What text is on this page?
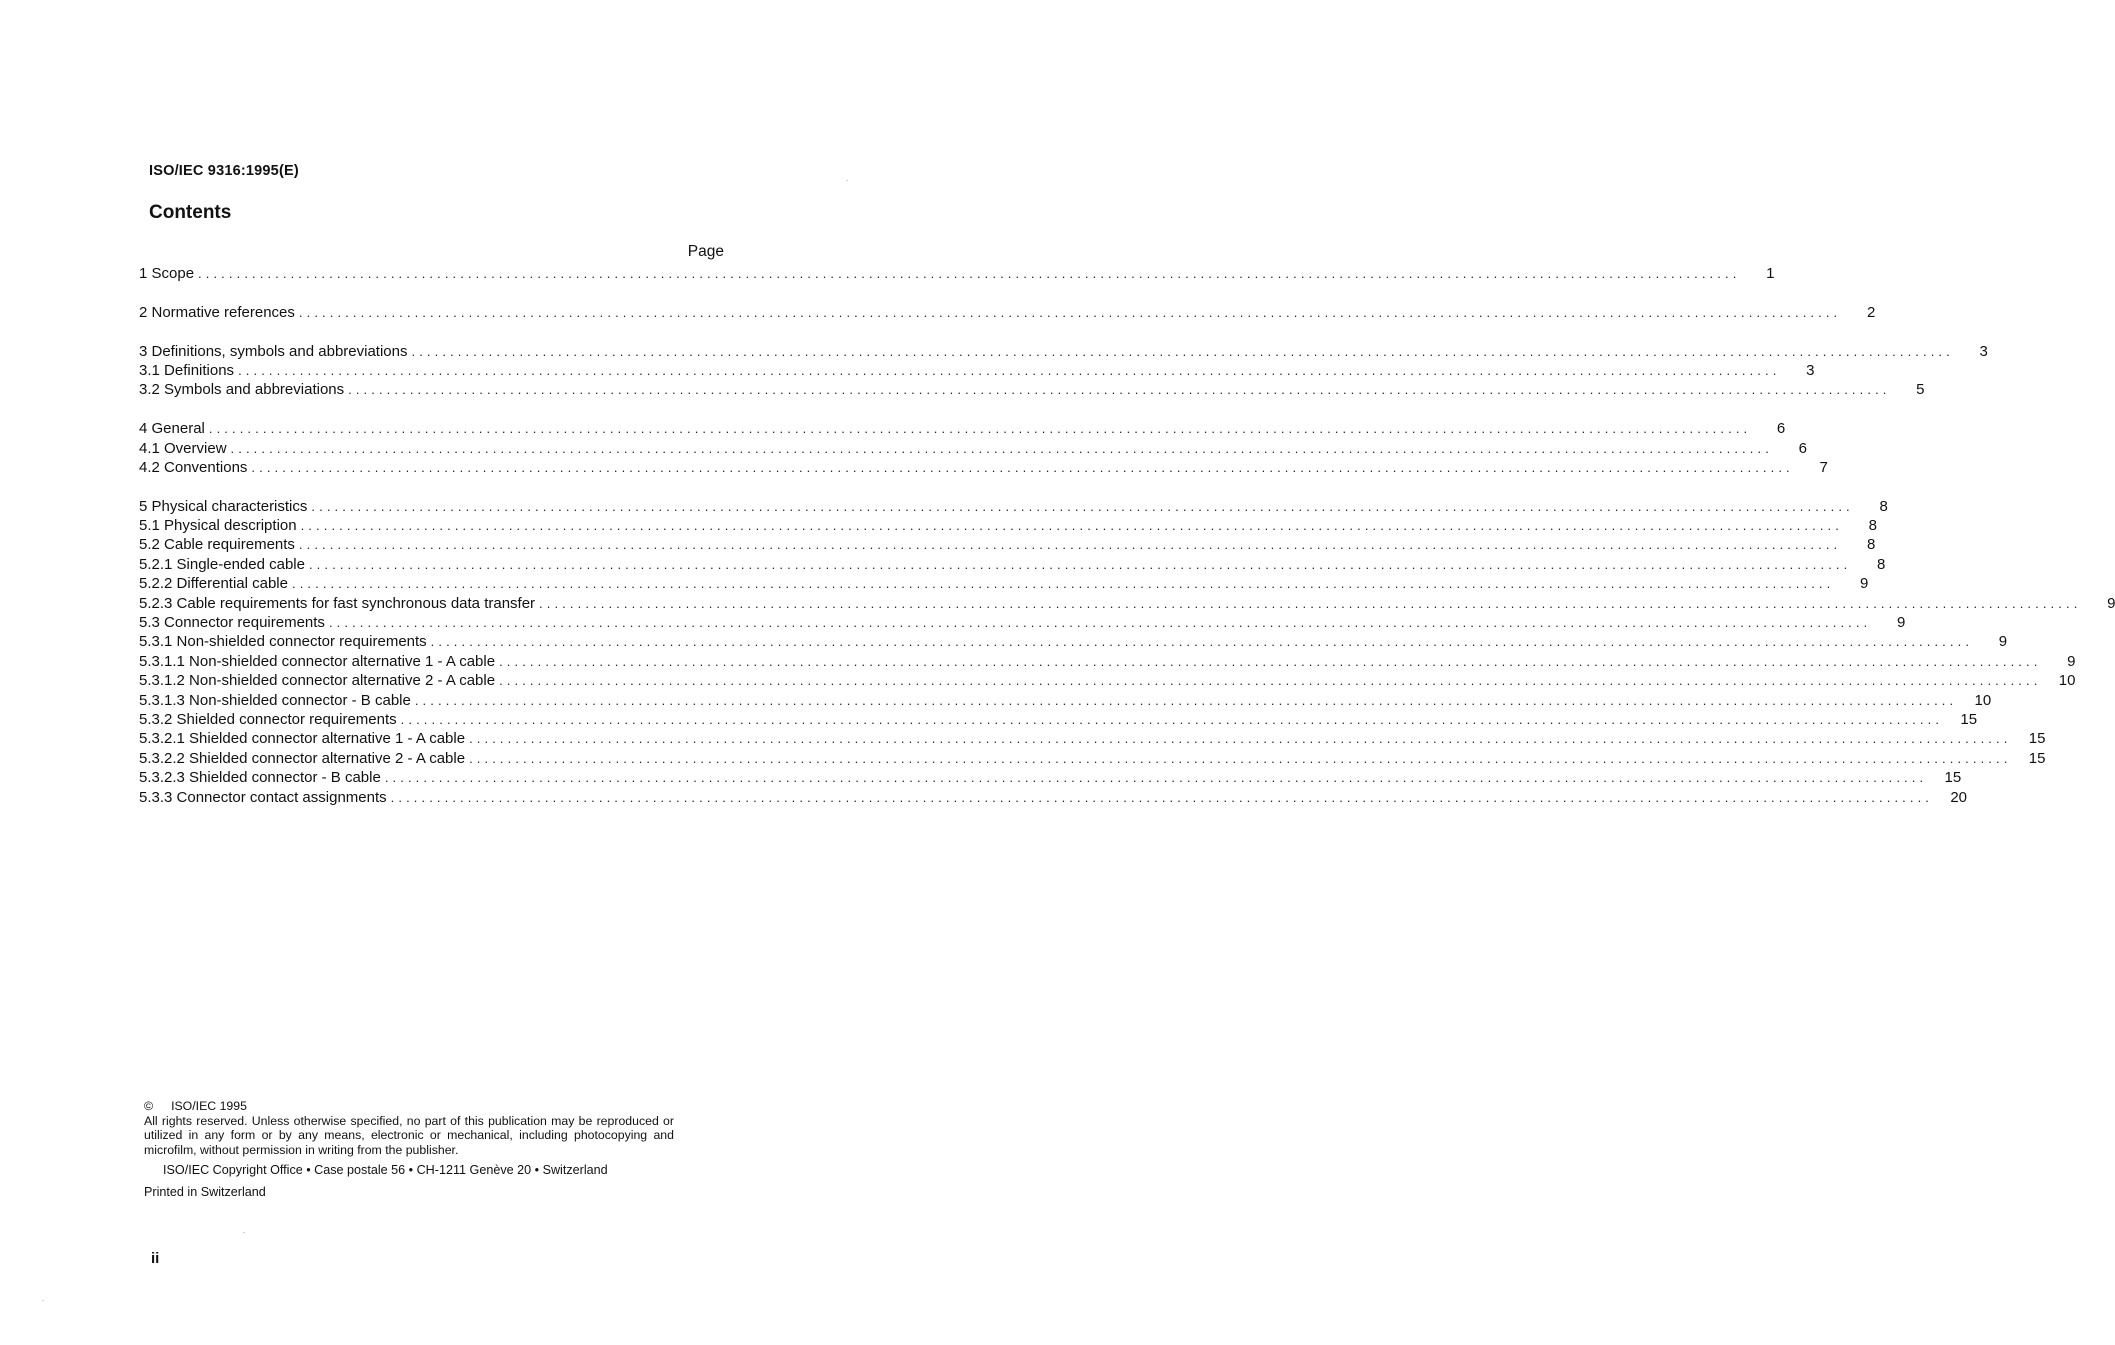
ISO/IEC 9316:1995(E)
Contents
Page
1 Scope ........................................................................................................................................................................................................	1
2 Normative references ........................................................................................................................................................................................................	2
3 Definitions, symbols and abbreviations ........................................................................................................................................................................................................	3
3.1 Definitions ........................................................................................................................................................................................................	3
3.2 Symbols and abbreviations ........................................................................................................................................................................................................	5
4 General ........................................................................................................................................................................................................	6
4.1 Overview ........................................................................................................................................................................................................	6
4.2 Conventions ........................................................................................................................................................................................................	7
5 Physical characteristics ........................................................................................................................................................................................................	8
5.1 Physical description ........................................................................................................................................................................................................	8
5.2 Cable requirements ........................................................................................................................................................................................................	8
5.2.1 Single-ended cable ........................................................................................................................................................................................................	8
5.2.2 Differential cable ........................................................................................................................................................................................................	9
5.2.3 Cable requirements for fast synchronous data transfer ........................................................................................................................................................................................................	9
5.3 Connector requirements ........................................................................................................................................................................................................	9
5.3.1 Non-shielded connector requirements ........................................................................................................................................................................................................	9
5.3.1.1 Non-shielded connector alternative 1 - A cable ........................................................................................................................................................................................................	9
5.3.1.2 Non-shielded connector alternative 2 - A cable ........................................................................................................................................................................................................	10
5.3.1.3 Non-shielded connector - B cable ........................................................................................................................................................................................................	10
5.3.2 Shielded connector requirements ........................................................................................................................................................................................................	15
5.3.2.1 Shielded connector alternative 1 - A cable ........................................................................................................................................................................................................	15
5.3.2.2 Shielded connector alternative 2 - A cable ........................................................................................................................................................................................................	15
5.3.2.3 Shielded connector - B cable ........................................................................................................................................................................................................	15
5.3.3 Connector contact assignments ........................................................................................................................................................................................................	20
© ISO/IEC 1995
All rights reserved. Unless otherwise specified, no part of this publication may be reproduced or utilized in any form or by any means, electronic or mechanical, including photocopying and microfilm, without permission in writing from the publisher.
ISO/IEC Copyright Office • Case postale 56 • CH-1211 Genève 20 • Switzerland
Printed in Switzerland
ii
